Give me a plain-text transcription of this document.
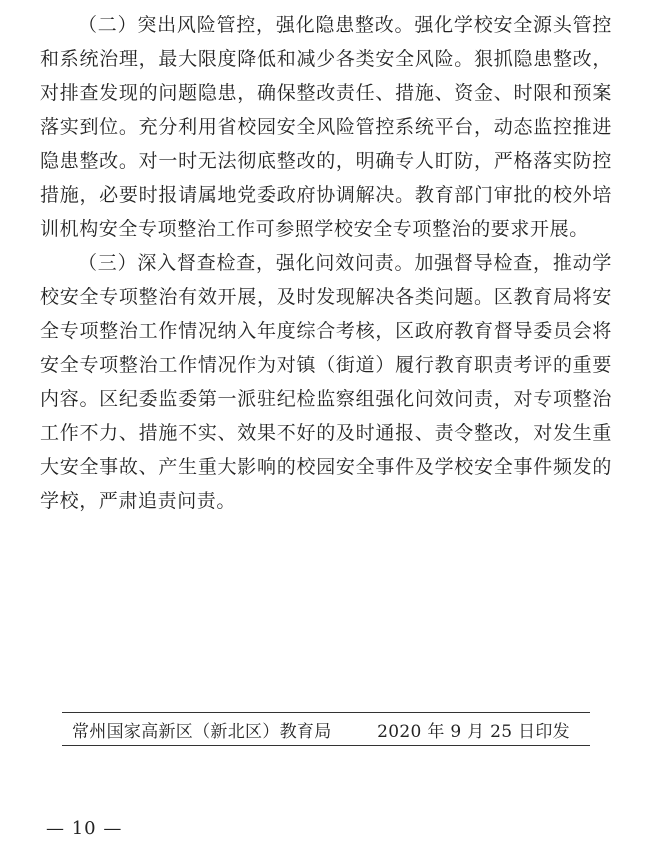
（二）突出风险管控，强化隐患整改。强化学校安全源头管控和系统治理，最大限度降低和减少各类安全风险。狠抓隐患整改，对排查发现的问题隐患，确保整改责任、措施、资金、时限和预案落实到位。充分利用省校园安全风险管控系统平台，动态监控推进隐患整改。对一时无法彻底整改的，明确专人盯防，严格落实防控措施，必要时报请属地党委政府协调解决。教育部门审批的校外培训机构安全专项整治工作可参照学校安全专项整治的要求开展。

（三）深入督查检查，强化问效问责。加强督导检查，推动学校安全专项整治有效开展，及时发现解决各类问题。区教育局将安全专项整治工作情况纳入年度综合考核，区政府教育督导委员会将安全专项整治工作情况作为对镇（街道）履行教育职责考评的重要内容。区纪委监委第一派驻纪检监察组强化问效问责，对专项整治工作不力、措施不实、效果不好的及时通报、责令整改，对发生重大安全事故、产生重大影响的校园安全事件及学校安全事件频发的学校，严肃追责问责。

常州国家高新区（新北区）教育局	2020 年 9 月 25 日印发
— 10 —
